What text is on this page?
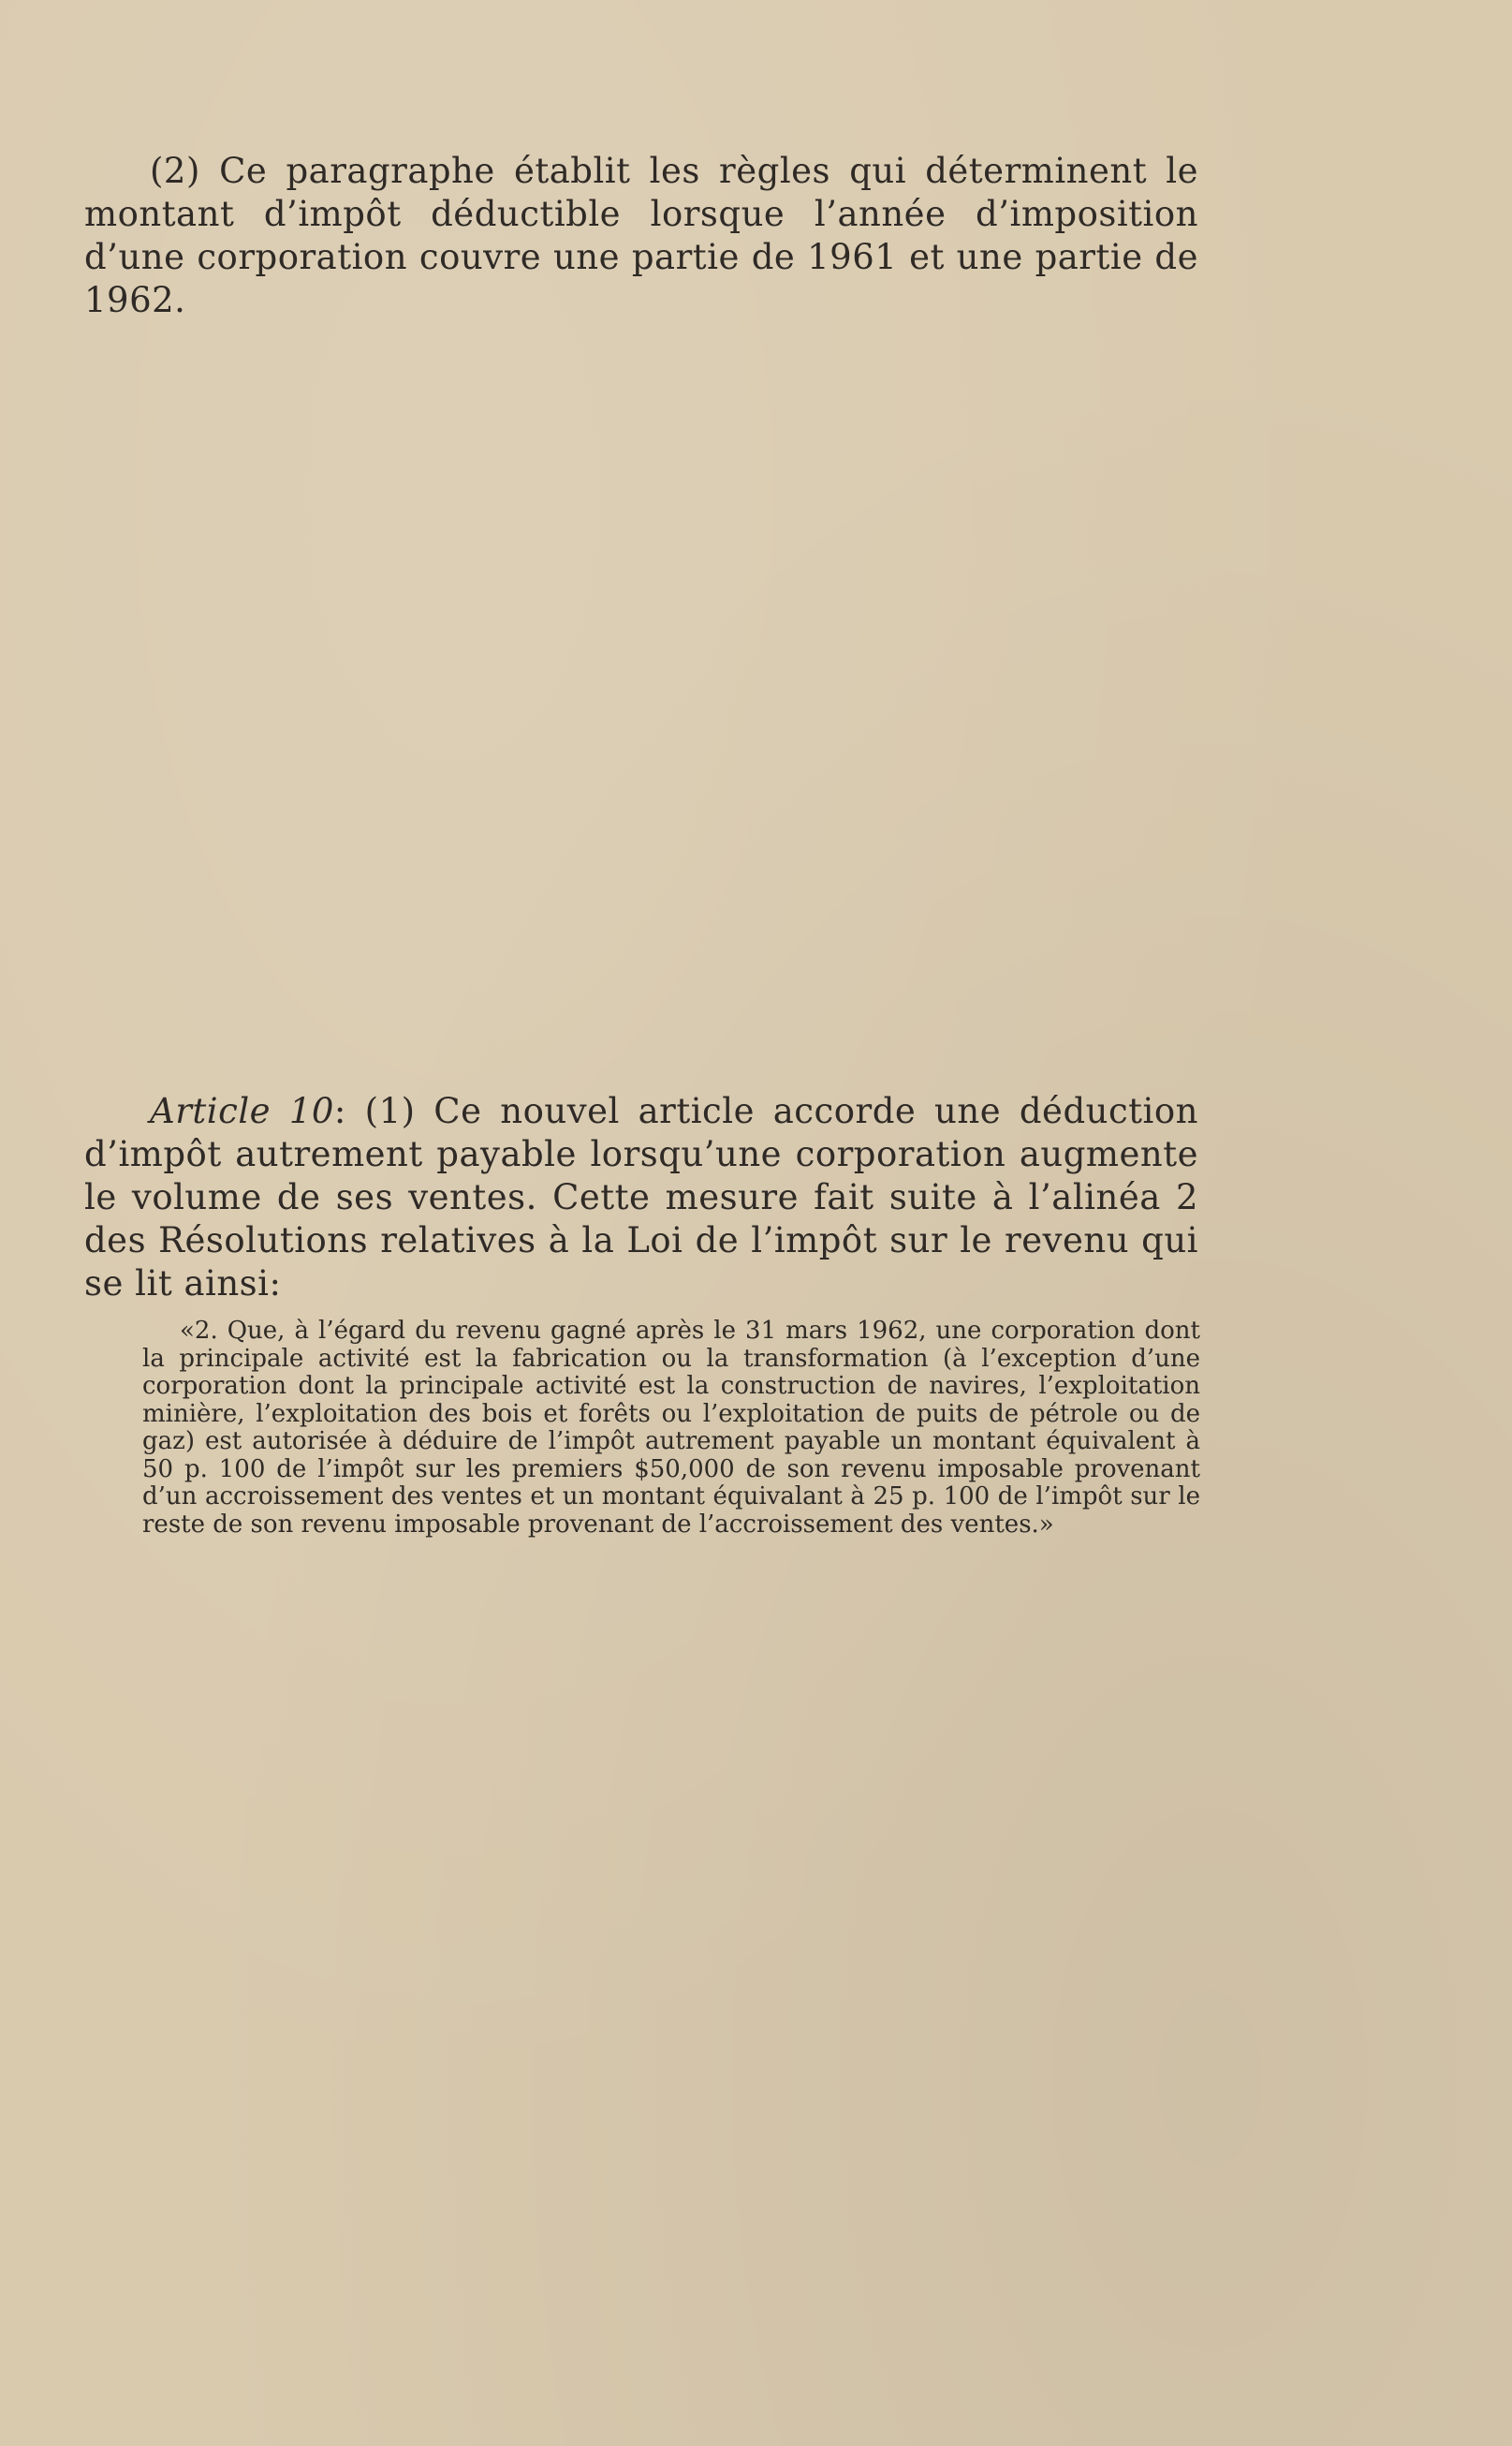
(2) Ce paragraphe établit les règles qui déterminent le montant d’impôt déductible lorsque l’année d’imposition d’une corporation couvre une partie de 1961 et une partie de 1962.

Article 10: (1) Ce nouvel article accorde une déduction d’impôt autrement payable lorsqu’une corporation augmente le volume de ses ventes. Cette mesure fait suite à l’alinéa 2 des Résolutions relatives à la Loi de l’impôt sur le revenu qui se lit ainsi:

«2. Que, à l’égard du revenu gagné après le 31 mars 1962, une corporation dont la principale activité est la fabrication ou la transformation (à l’exception d’une corporation dont la principale activité est la construction de navires, l’exploitation minière, l’exploitation des bois et forêts ou l’exploitation de puits de pétrole ou de gaz) est autorisée à déduire de l’impôt autrement payable un montant équivalent à 50 p. 100 de l’impôt sur les premiers $50,000 de son revenu imposable provenant d’un accroissement des ventes et un montant équivalant à 25 p. 100 de l’impôt sur le reste de son revenu imposable provenant de l’accroissement des ventes.»
